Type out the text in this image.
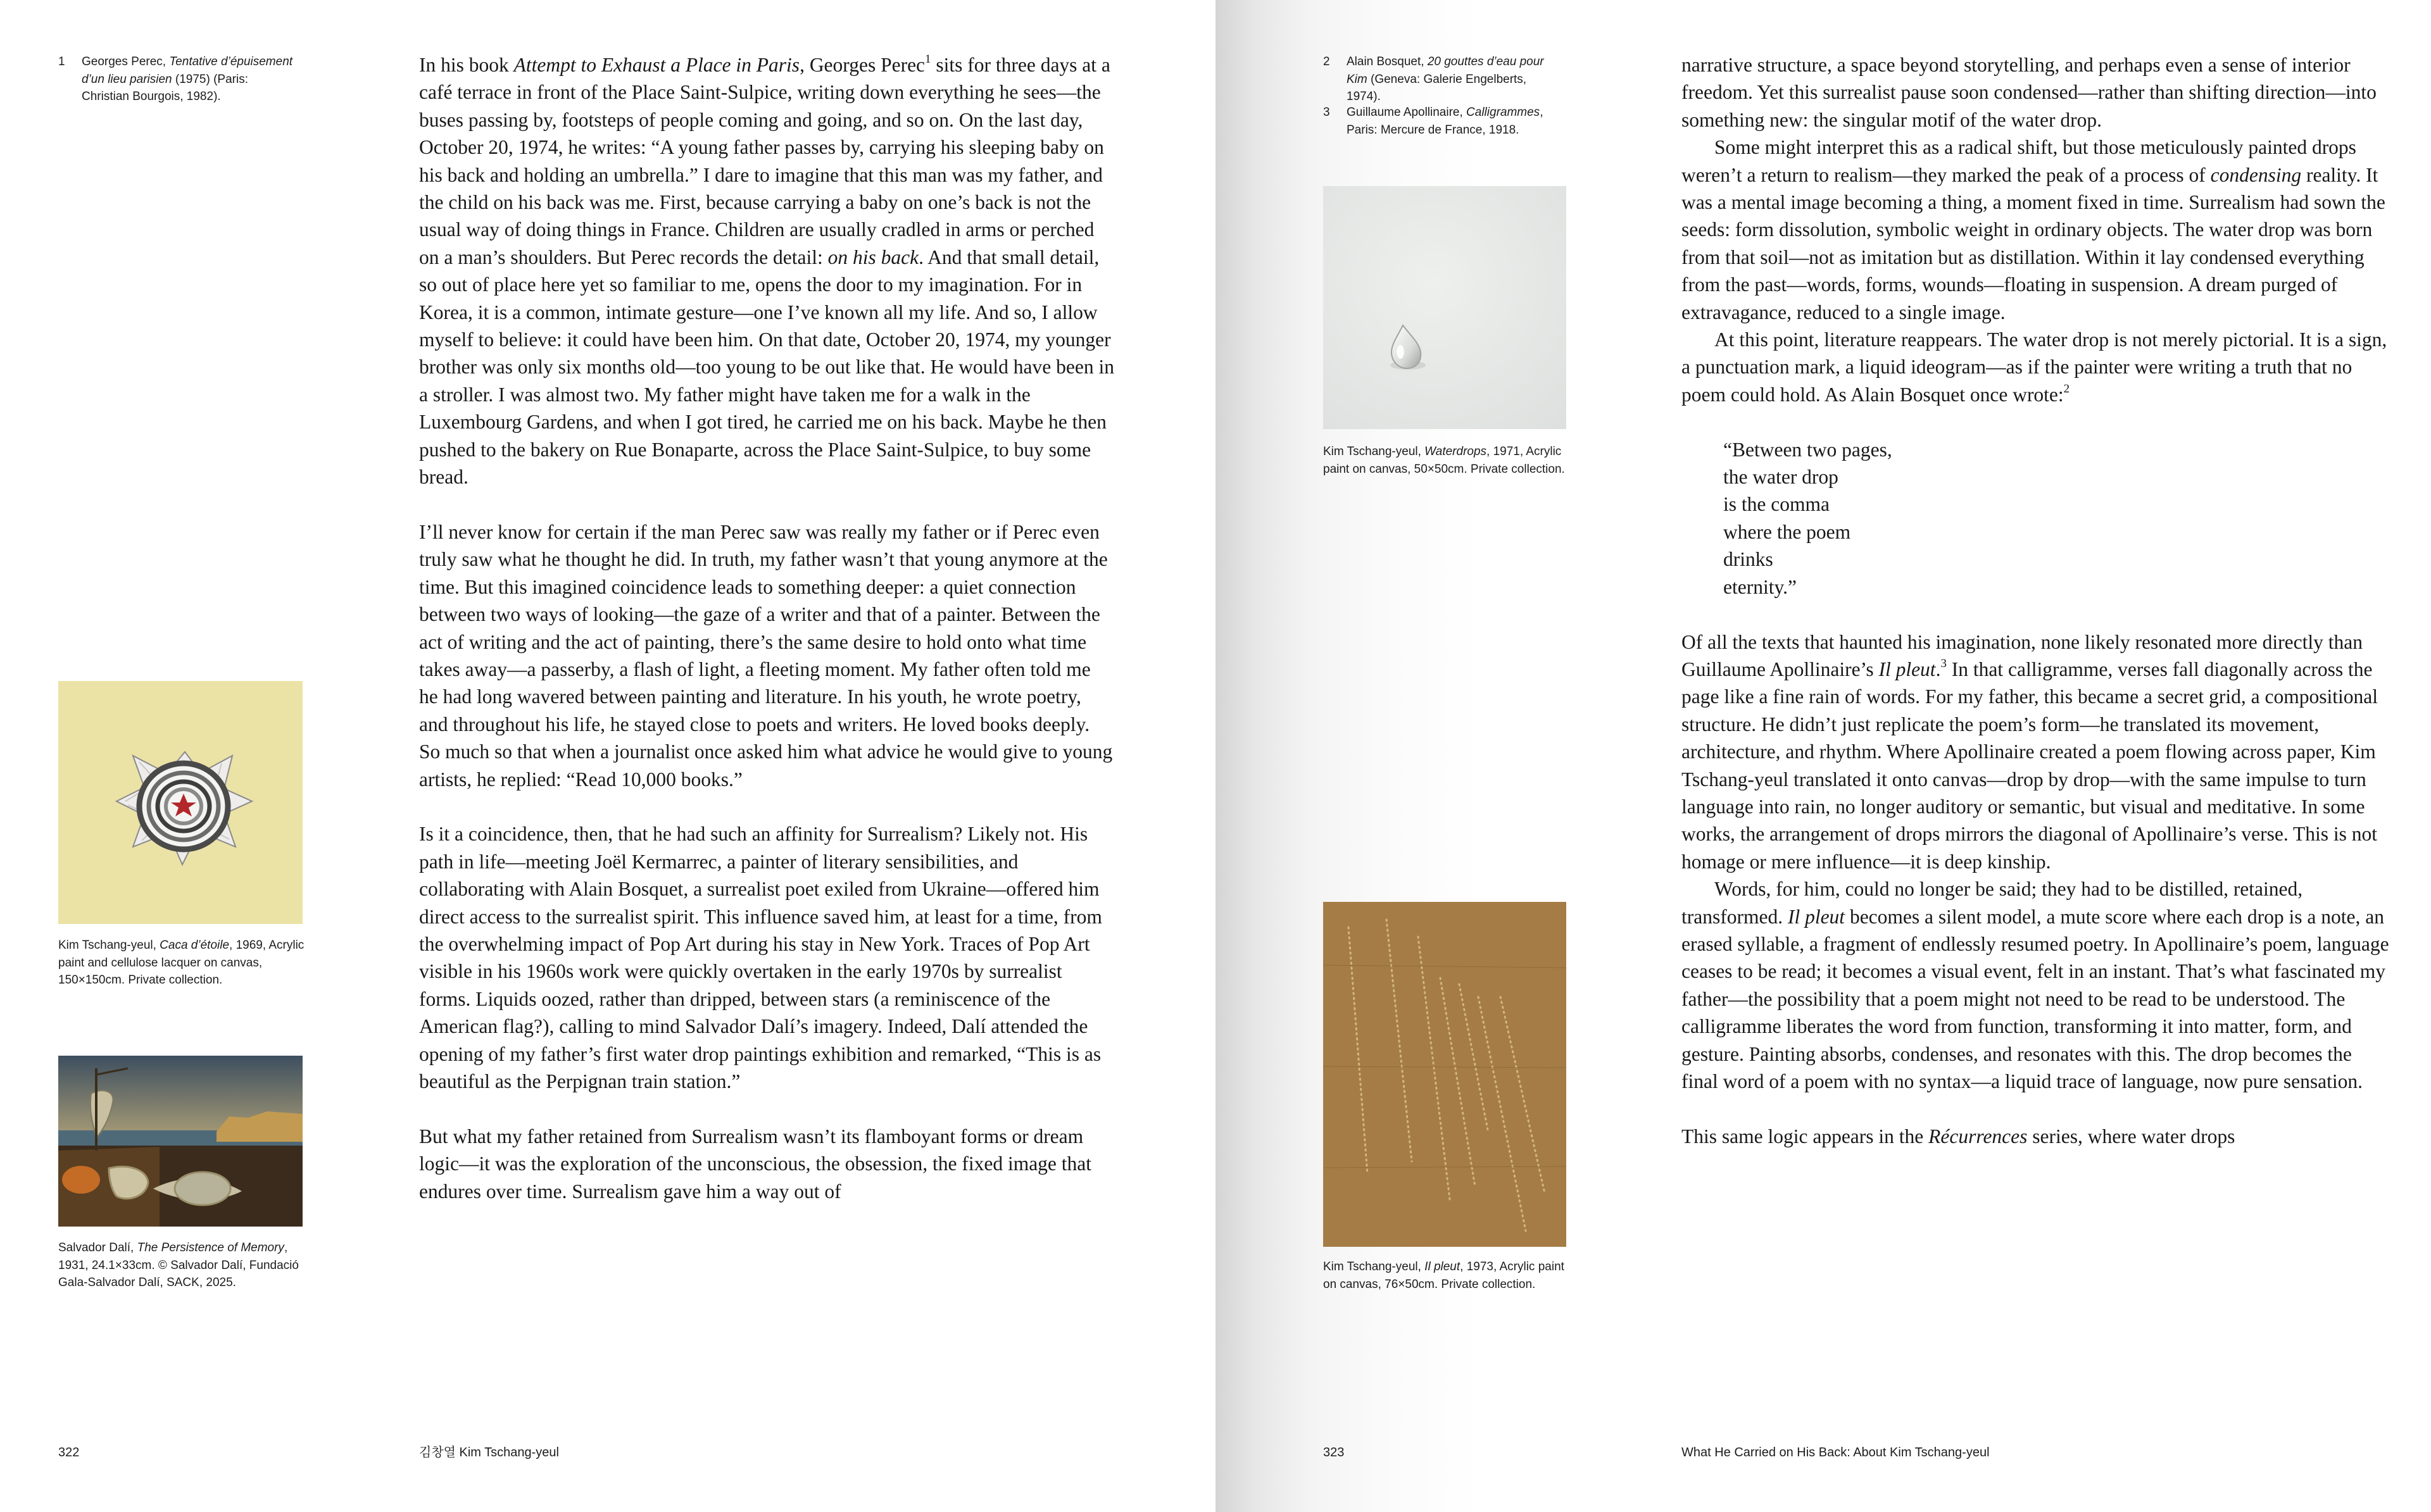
1 Georges Perec, Tentative d’épuisement d’un lieu parisien (1975) (Paris: Christian Bourgois, 1982).
Kim Tschang-yeul, Caca d’étoile, 1969, Acrylic paint and cellulose lacquer on canvas, 150×150cm. Private collection.
Salvador Dalí, The Persistence of Memory, 1931, 24.1×33cm. © Salvador Dalí, Fundació Gala-Salvador Dalí, SACK, 2025.

In his book Attempt to Exhaust a Place in Paris, Georges Perec$^1$ sits for three days at a café terrace in front of the Place Saint-Sulpice, writing down everything he sees—the buses passing by, footsteps of people coming and going, and so on. On the last day, October 20, 1974, he writes: “A young father passes by, carrying his sleeping baby on his back and holding an umbrella.” I dare to imagine that this man was my father, and the child on his back was me. First, because carrying a baby on one’s back is not the usual way of doing things in France. Children are usually cradled in arms or perched on a man’s shoulders. But Perec records the detail: on his back. And that small detail, so out of place here yet so familiar to me, opens the door to my imagination. For in Korea, it is a common, intimate gesture—one I’ve known all my life. And so, I allow myself to believe: it could have been him. On that date, October 20, 1974, my younger brother was only six months old—too young to be out like that. He would have been in a stroller. I was almost two. My father might have taken me for a walk in the Luxembourg Gardens, and when I got tired, he carried me on his back. Maybe he then pushed to the bakery on Rue Bonaparte, across the Place Saint-Sulpice, to buy some bread.

I’ll never know for certain if the man Perec saw was really my father or if Perec even truly saw what he thought he did. In truth, my father wasn’t that young anymore at the time. But this imagined coincidence leads to something deeper: a quiet connection between two ways of looking—the gaze of a writer and that of a painter. Between the act of writing and the act of painting, there’s the same desire to hold onto what time takes away—a passerby, a flash of light, a fleeting moment. My father often told me he had long wavered between painting and literature. In his youth, he wrote poetry, and throughout his life, he stayed close to poets and writers. He loved books deeply. So much so that when a journalist once asked him what advice he would give to young artists, he replied: “Read 10,000 books.”

Is it a coincidence, then, that he had such an affinity for Surrealism? Likely not. His path in life—meeting Joël Kermarrec, a painter of literary sensibilities, and collaborating with Alain Bosquet, a surrealist poet exiled from Ukraine—offered him direct access to the surrealist spirit. This influence saved him, at least for a time, from the overwhelming impact of Pop Art during his stay in New York. Traces of Pop Art visible in his 1960s work were quickly overtaken in the early 1970s by surrealist forms. Liquids oozed, rather than dripped, between stars (a reminiscence of the American flag?), calling to mind Salvador Dalí’s imagery. Indeed, Dalí attended the opening of my father’s first water drop paintings exhibition and remarked, “This is as beautiful as the Perpignan train station.”

But what my father retained from Surrealism wasn’t its flamboyant forms or dream logic—it was the exploration of the unconscious, the obsession, the fixed image that endures over time. Surrealism gave him a way out of

322	김창열 Kim Tschang-yeul
2 Alain Bosquet, 20 gouttes d’eau pour Kim (Geneva: Galerie Engelberts, 1974).
3 Guillaume Apollinaire, Calligrammes, Paris: Mercure de France, 1918.
Kim Tschang-yeul, Waterdrops, 1971, Acrylic paint on canvas, 50×50cm. Private collection.
Kim Tschang-yeul, Il pleut, 1973, Acrylic paint on canvas, 76×50cm. Private collection.

narrative structure, a space beyond storytelling, and perhaps even a sense of interior freedom. Yet this surrealist pause soon condensed—rather than shifting direction—into something new: the singular motif of the water drop.

Some might interpret this as a radical shift, but those meticulously painted drops weren’t a return to realism—they marked the peak of a process of condensing reality. It was a mental image becoming a thing, a moment fixed in time. Surrealism had sown the seeds: form dissolution, symbolic weight in ordinary objects. The water drop was born from that soil—not as imitation but as distillation. Within it lay condensed everything from the past—words, forms, wounds—floating in suspension. A dream purged of extravagance, reduced to a single image.

At this point, literature reappears. The water drop is not merely pictorial. It is a sign, a punctuation mark, a liquid ideogram—as if the painter were writing a truth that no poem could hold. As Alain Bosquet once wrote:$^2$

“Between two pages,
the water drop
is the comma
where the poem
drinks
eternity.”

Of all the texts that haunted his imagination, none likely resonated more directly than Guillaume Apollinaire’s Il pleut.$^3$ In that calligramme, verses fall diagonally across the page like a fine rain of words. For my father, this became a secret grid, a compositional structure. He didn’t just replicate the poem’s form—he translated its movement, architecture, and rhythm. Where Apollinaire created a poem flowing across paper, Kim Tschang-yeul translated it onto canvas—drop by drop—with the same impulse to turn language into rain, no longer auditory or semantic, but visual and meditative. In some works, the arrangement of drops mirrors the diagonal of Apollinaire’s verse. This is not homage or mere influence—it is deep kinship.

Words, for him, could no longer be said; they had to be distilled, retained, transformed. Il pleut becomes a silent model, a mute score where each drop is a note, an erased syllable, a fragment of endlessly resumed poetry. In Apollinaire’s poem, language ceases to be read; it becomes a visual event, felt in an instant. That’s what fascinated my father—the possibility that a poem might not need to be read to be understood. The calligramme liberates the word from function, transforming it into matter, form, and gesture. Painting absorbs, condenses, and resonates with this. The drop becomes the final word of a poem with no syntax—a liquid trace of language, now pure sensation.

This same logic appears in the Récurrences series, where water drops

323	What He Carried on His Back: About Kim Tschang-yeul
